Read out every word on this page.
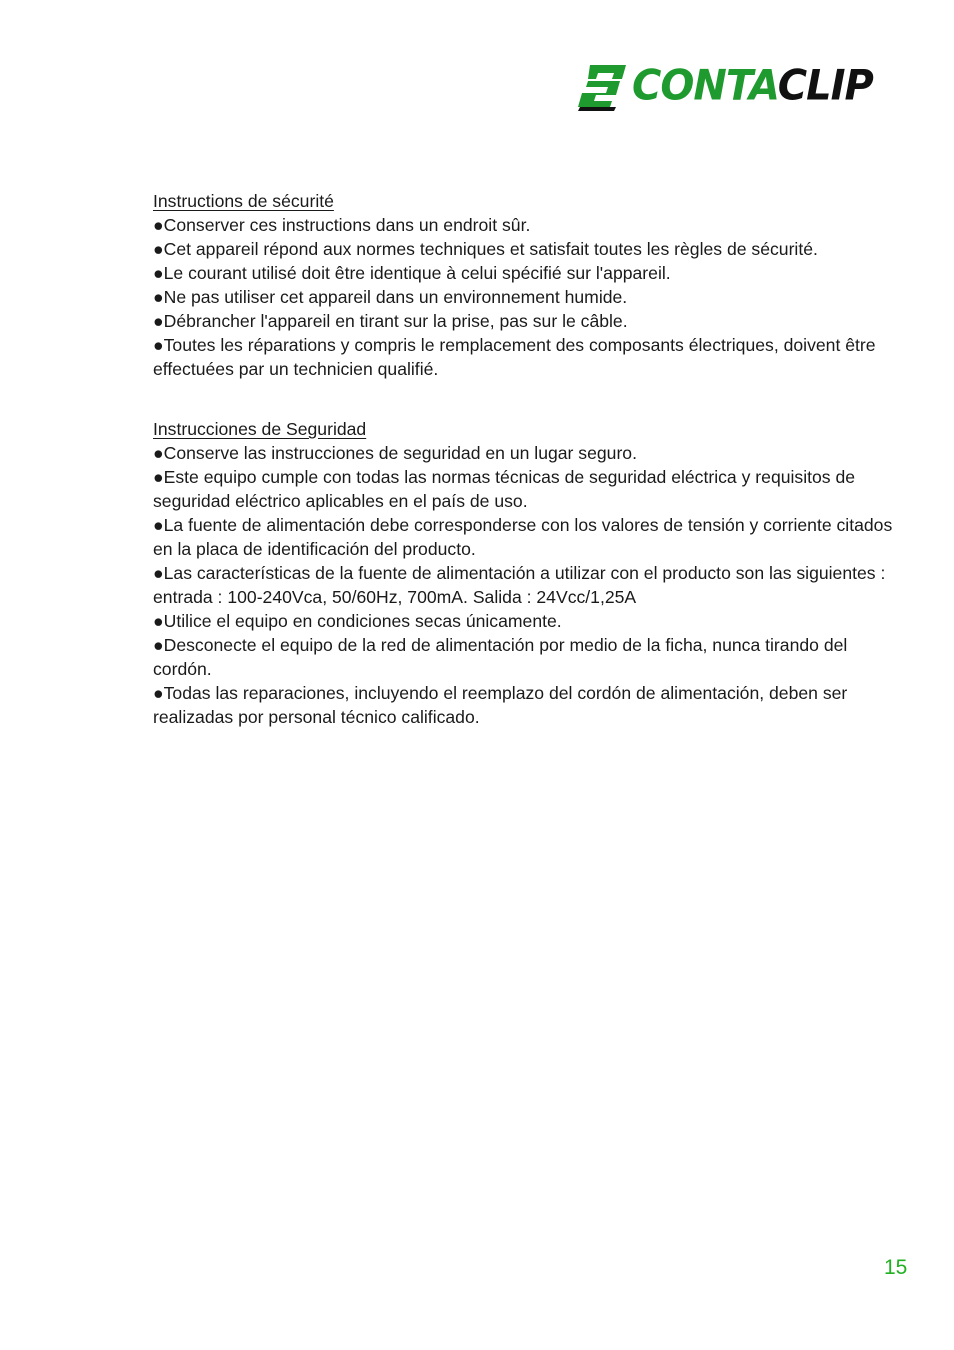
CONTACLIP

Instructions de sécurité

●Conserver ces instructions dans un endroit sûr.

●Cet appareil répond aux normes techniques et satisfait toutes les règles de sécurité.

●Le courant utilisé doit être identique à celui spécifié sur l'appareil.

●Ne pas utiliser cet appareil dans un environnement humide.

●Débrancher l'appareil en tirant sur la prise, pas sur le câble.

●Toutes les réparations y compris le remplacement des composants électriques, doivent être effectuées par un technicien qualifié.

Instrucciones de Seguridad

●Conserve las instrucciones de seguridad en un lugar seguro.

●Este equipo cumple con todas las normas técnicas de seguridad eléctrica y requisitos de seguridad eléctrico aplicables en el país de uso.

●La fuente de alimentación debe corresponderse con los valores de tensión y corriente citados en la placa de identificación del producto.

●Las características de la fuente de alimentación a utilizar con el producto son las siguientes : entrada : 100-240Vca, 50/60Hz, 700mA. Salida : 24Vcc/1,25A

●Utilice el equipo en condiciones secas únicamente.

●Desconecte el equipo de la red de alimentación por medio de la ficha, nunca tirando del cordón.

●Todas las reparaciones, incluyendo el reemplazo del cordón de alimentación, deben ser realizadas por personal técnico calificado.

15
